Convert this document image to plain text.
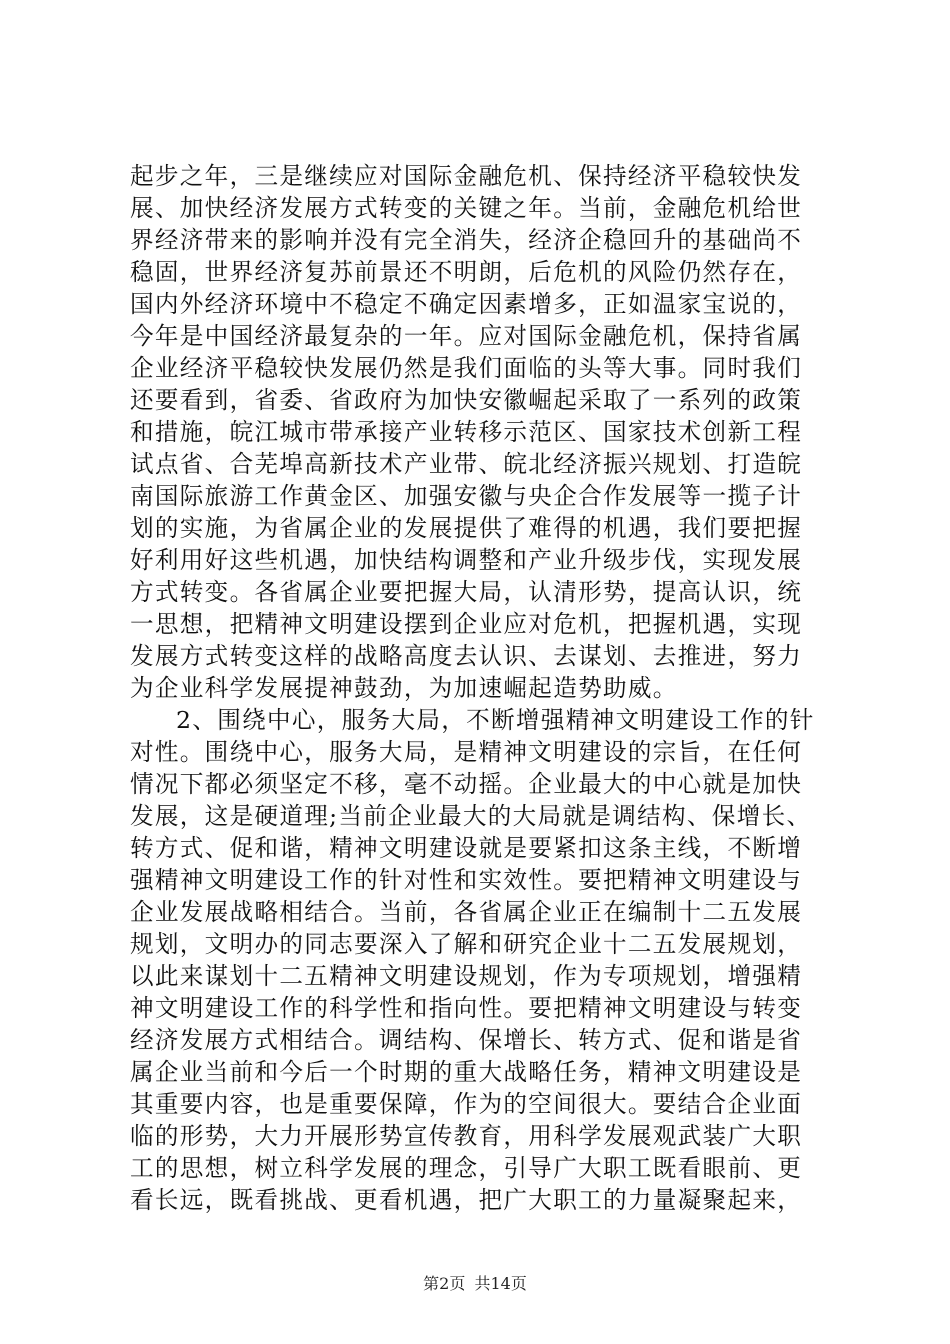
起步之年，三是继续应对国际金融危机、保持经济平稳较快发
展、加快经济发展方式转变的关键之年。当前，金融危机给世
界经济带来的影响并没有完全消失，经济企稳回升的基础尚不
稳固，世界经济复苏前景还不明朗，后危机的风险仍然存在，
国内外经济环境中不稳定不确定因素增多，正如温家宝说的，
今年是中国经济最复杂的一年。应对国际金融危机，保持省属
企业经济平稳较快发展仍然是我们面临的头等大事。同时我们
还要看到，省委、省政府为加快安徽崛起采取了一系列的政策
和措施，皖江城市带承接产业转移示范区、国家技术创新工程
试点省、合芜埠高新技术产业带、皖北经济振兴规划、打造皖
南国际旅游工作黄金区、加强安徽与央企合作发展等一揽子计
划的实施，为省属企业的发展提供了难得的机遇，我们要把握
好利用好这些机遇，加快结构调整和产业升级步伐，实现发展
方式转变。各省属企业要把握大局，认清形势，提高认识，统
一思想，把精神文明建设摆到企业应对危机，把握机遇，实现
发展方式转变这样的战略高度去认识、去谋划、去推进，努力
为企业科学发展提神鼓劲，为加速崛起造势助威。
2、围绕中心，服务大局，不断增强精神文明建设工作的针
对性。围绕中心，服务大局，是精神文明建设的宗旨，在任何
情况下都必须坚定不移，毫不动摇。企业最大的中心就是加快
发展，这是硬道理;当前企业最大的大局就是调结构、保增长、
转方式、促和谐，精神文明建设就是要紧扣这条主线，不断增
强精神文明建设工作的针对性和实效性。要把精神文明建设与
企业发展战略相结合。当前，各省属企业正在编制十二五发展
规划，文明办的同志要深入了解和研究企业十二五发展规划，
以此来谋划十二五精神文明建设规划，作为专项规划，增强精
神文明建设工作的科学性和指向性。要把精神文明建设与转变
经济发展方式相结合。调结构、保增长、转方式、促和谐是省
属企业当前和今后一个时期的重大战略任务，精神文明建设是
其重要内容，也是重要保障，作为的空间很大。要结合企业面
临的形势，大力开展形势宣传教育，用科学发展观武装广大职
工的思想，树立科学发展的理念，引导广大职工既看眼前、更
看长远，既看挑战、更看机遇，把广大职工的力量凝聚起来，
第2页 共14页
